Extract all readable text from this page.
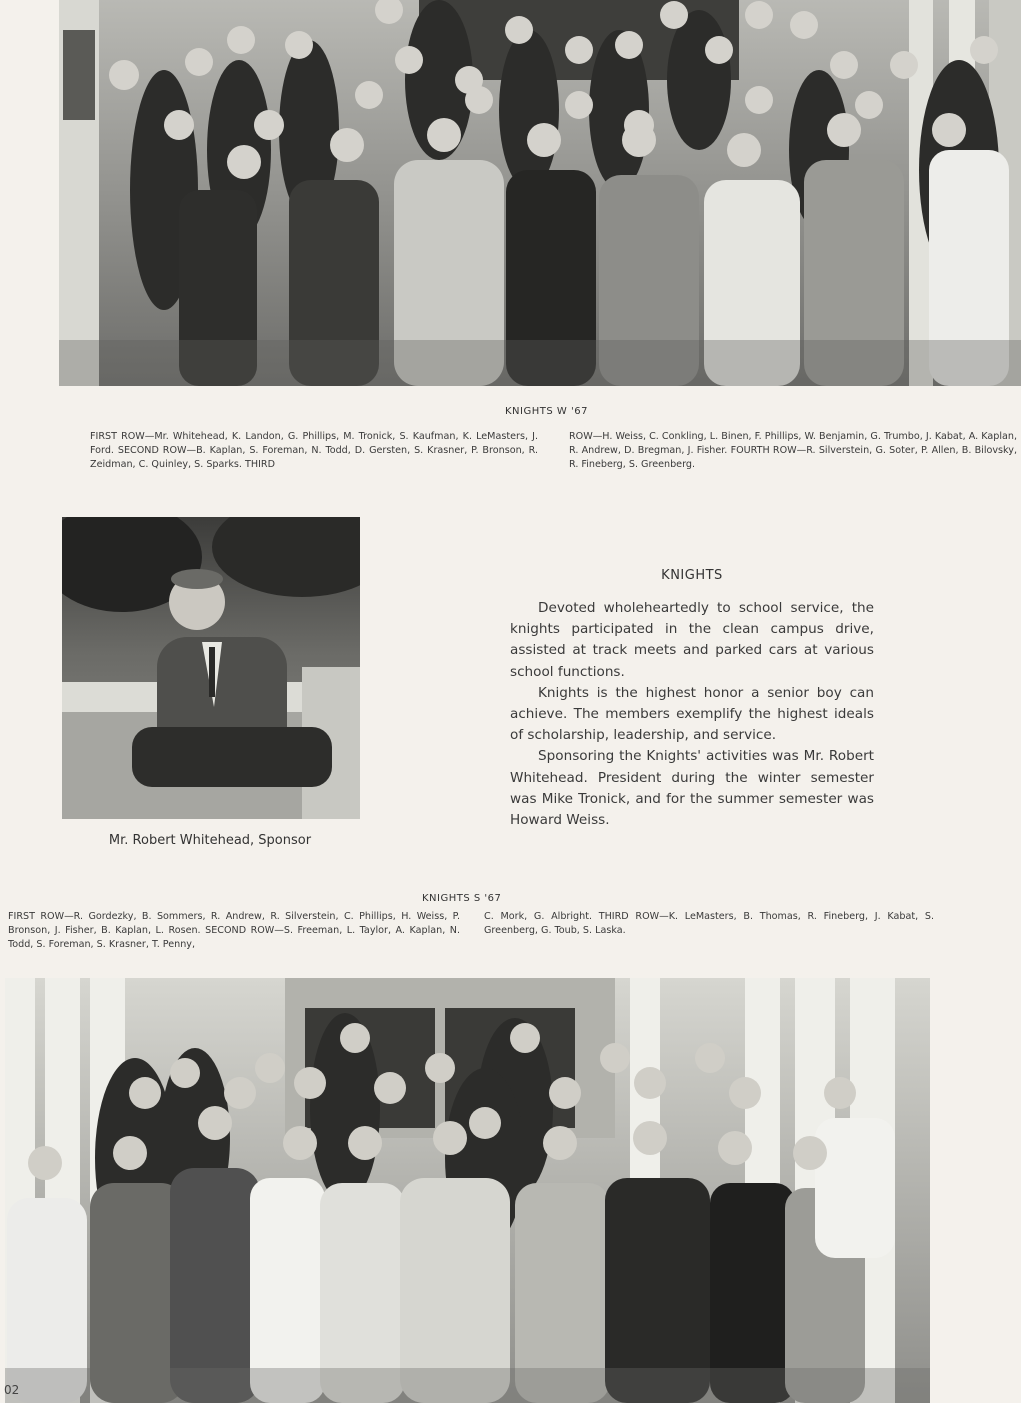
KNIGHTS W '67
FIRST ROW—Mr. Whitehead, K. Landon, G. Phillips, M. Tronick, S. Kaufman, K. LeMasters, J. Ford. SECOND ROW—B. Kaplan, S. Foreman, N. Todd, D. Gersten, S. Krasner, P. Bronson, R. Zeidman, C. Quinley, S. Sparks. THIRD
ROW—H. Weiss, C. Conkling, L. Binen, F. Phillips, W. Benjamin, G. Trumbo, J. Kabat, A. Kaplan, R. Andrew, D. Bregman, J. Fisher. FOURTH ROW—R. Silverstein, G. Soter, P. Allen, B. Bilovsky, R. Fineberg, S. Greenberg.
Mr. Robert Whitehead, Sponsor
KNIGHTS

Devoted wholeheartedly to school service, the knights participated in the clean campus drive, assisted at track meets and parked cars at various school functions.

Knights is the highest honor a senior boy can achieve. The members exemplify the highest ideals of scholarship, leadership, and service.

Sponsoring the Knights' activities was Mr. Robert Whitehead. President during the winter semester was Mike Tronick, and for the summer semester was Howard Weiss.

KNIGHTS S '67
FIRST ROW—R. Gordezky, B. Sommers, R. Andrew, R. Silverstein, C. Phillips, H. Weiss, P. Bronson, J. Fisher, B. Kaplan, L. Rosen. SECOND ROW—S. Freeman, L. Taylor, A. Kaplan, N. Todd, S. Foreman, S. Krasner, T. Penny,
C. Mork, G. Albright. THIRD ROW—K. LeMasters, B. Thomas, R. Fineberg, J. Kabat, S. Greenberg, G. Toub, S. Laska.
02
